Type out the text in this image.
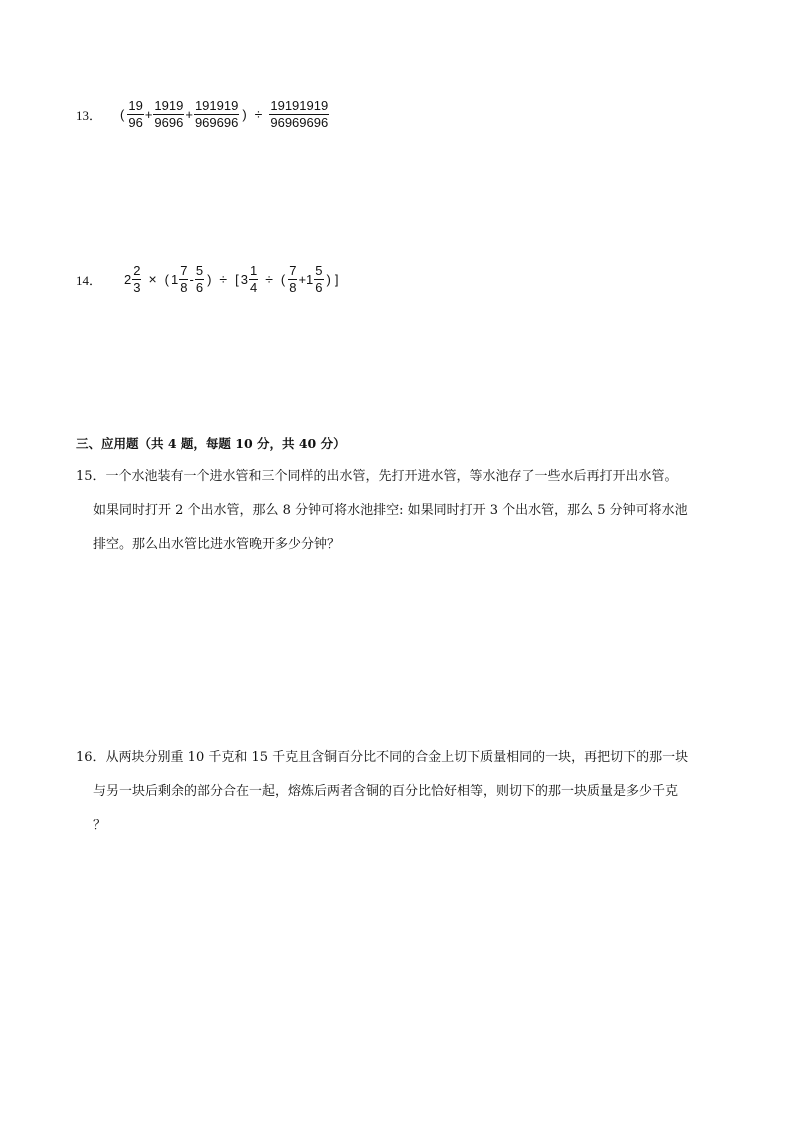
13． ( $\frac{19}{96} + \frac{1919}{9696} + \frac{191919}{969696}$ ) ÷ $\frac{19191919}{96969696}$
14． $2 \frac{2}{3}$ × ( $1 \frac{7}{8} - \frac{5}{6}$ ) ÷ [ $3 \frac{1}{4}$ ÷ ( $\frac{7}{8} +1 \frac{5}{6}$ ) ]
三、应用题（共 4 题，每题 10 分，共 40 分）
15．一个水池装有一个进水管和三个同样的出水管，先打开进水管，等水池存了一些水后再打开出水管。
如果同时打开 2 个出水管，那么 8 分钟可将水池排空: 如果同时打开 3 个出水管，那么 5 分钟可将水池
排空。那么出水管比进水管晚开多少分钟？
16．从两块分别重 10 千克和 15 千克且含铜百分比不同的合金上切下质量相同的一块，再把切下的那一块
与另一块后剩余的部分合在一起，熔炼后两者含铜的百分比恰好相等，则切下的那一块质量是多少千克
？
